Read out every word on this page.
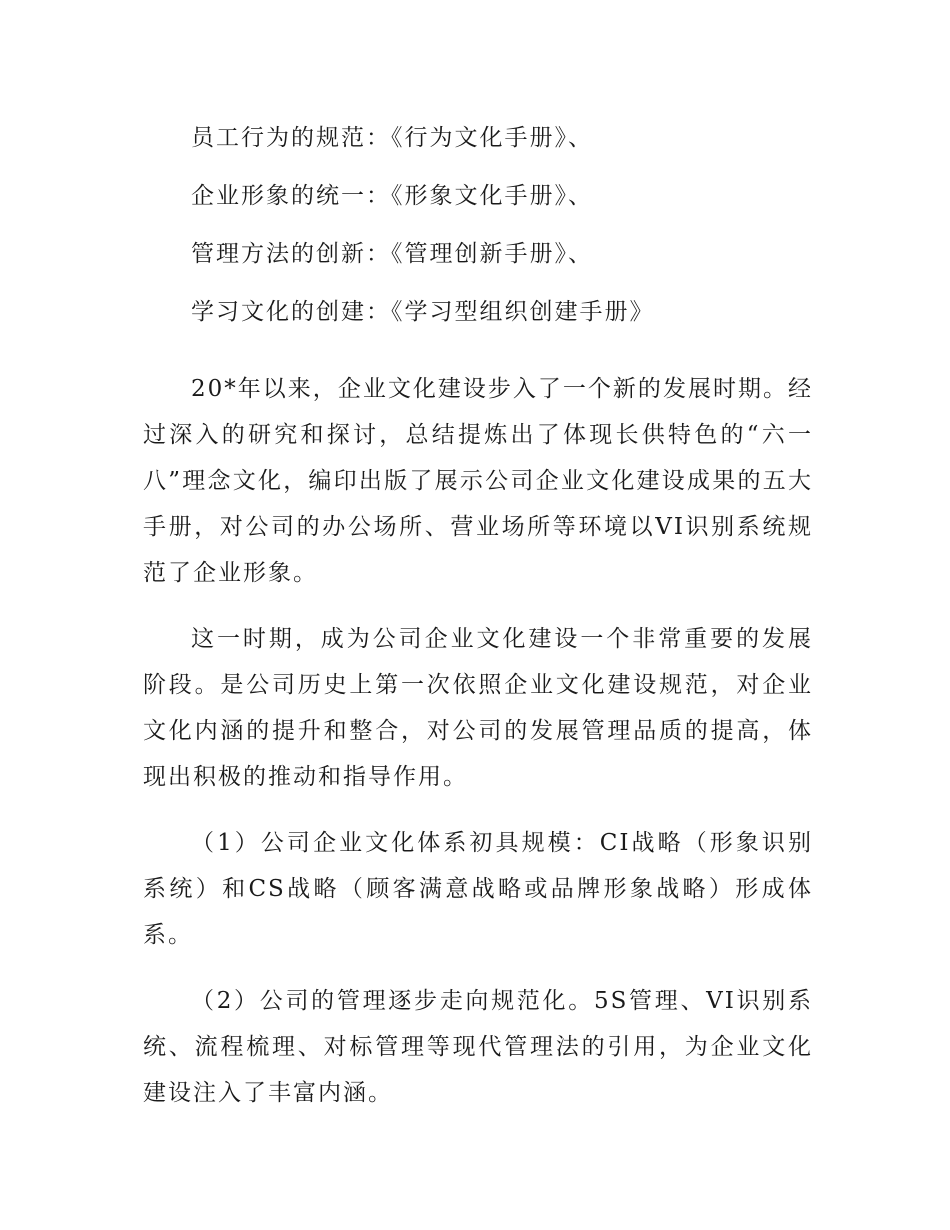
员工行为的规范：《行为文化手册》、

企业形象的统一：《形象文化手册》、

管理方法的创新：《管理创新手册》、

学习文化的创建：《学习型组织创建手册》

20*年以来，企业文化建设步入了一个新的发展时期。经过深入的研究和探讨，总结提炼出了体现长供特色的“六一八”理念文化，编印出版了展示公司企业文化建设成果的五大手册，对公司的办公场所、营业场所等环境以VI识别系统规范了企业形象。

这一时期，成为公司企业文化建设一个非常重要的发展阶段。是公司历史上第一次依照企业文化建设规范，对企业文化内涵的提升和整合，对公司的发展管理品质的提高，体现出积极的推动和指导作用。

（1）公司企业文化体系初具规模：CI战略（形象识别系统）和CS战略（顾客满意战略或品牌形象战略）形成体系。

（2）公司的管理逐步走向规范化。5S管理、VI识别系统、流程梳理、对标管理等现代管理法的引用，为企业文化建设注入了丰富内涵。
